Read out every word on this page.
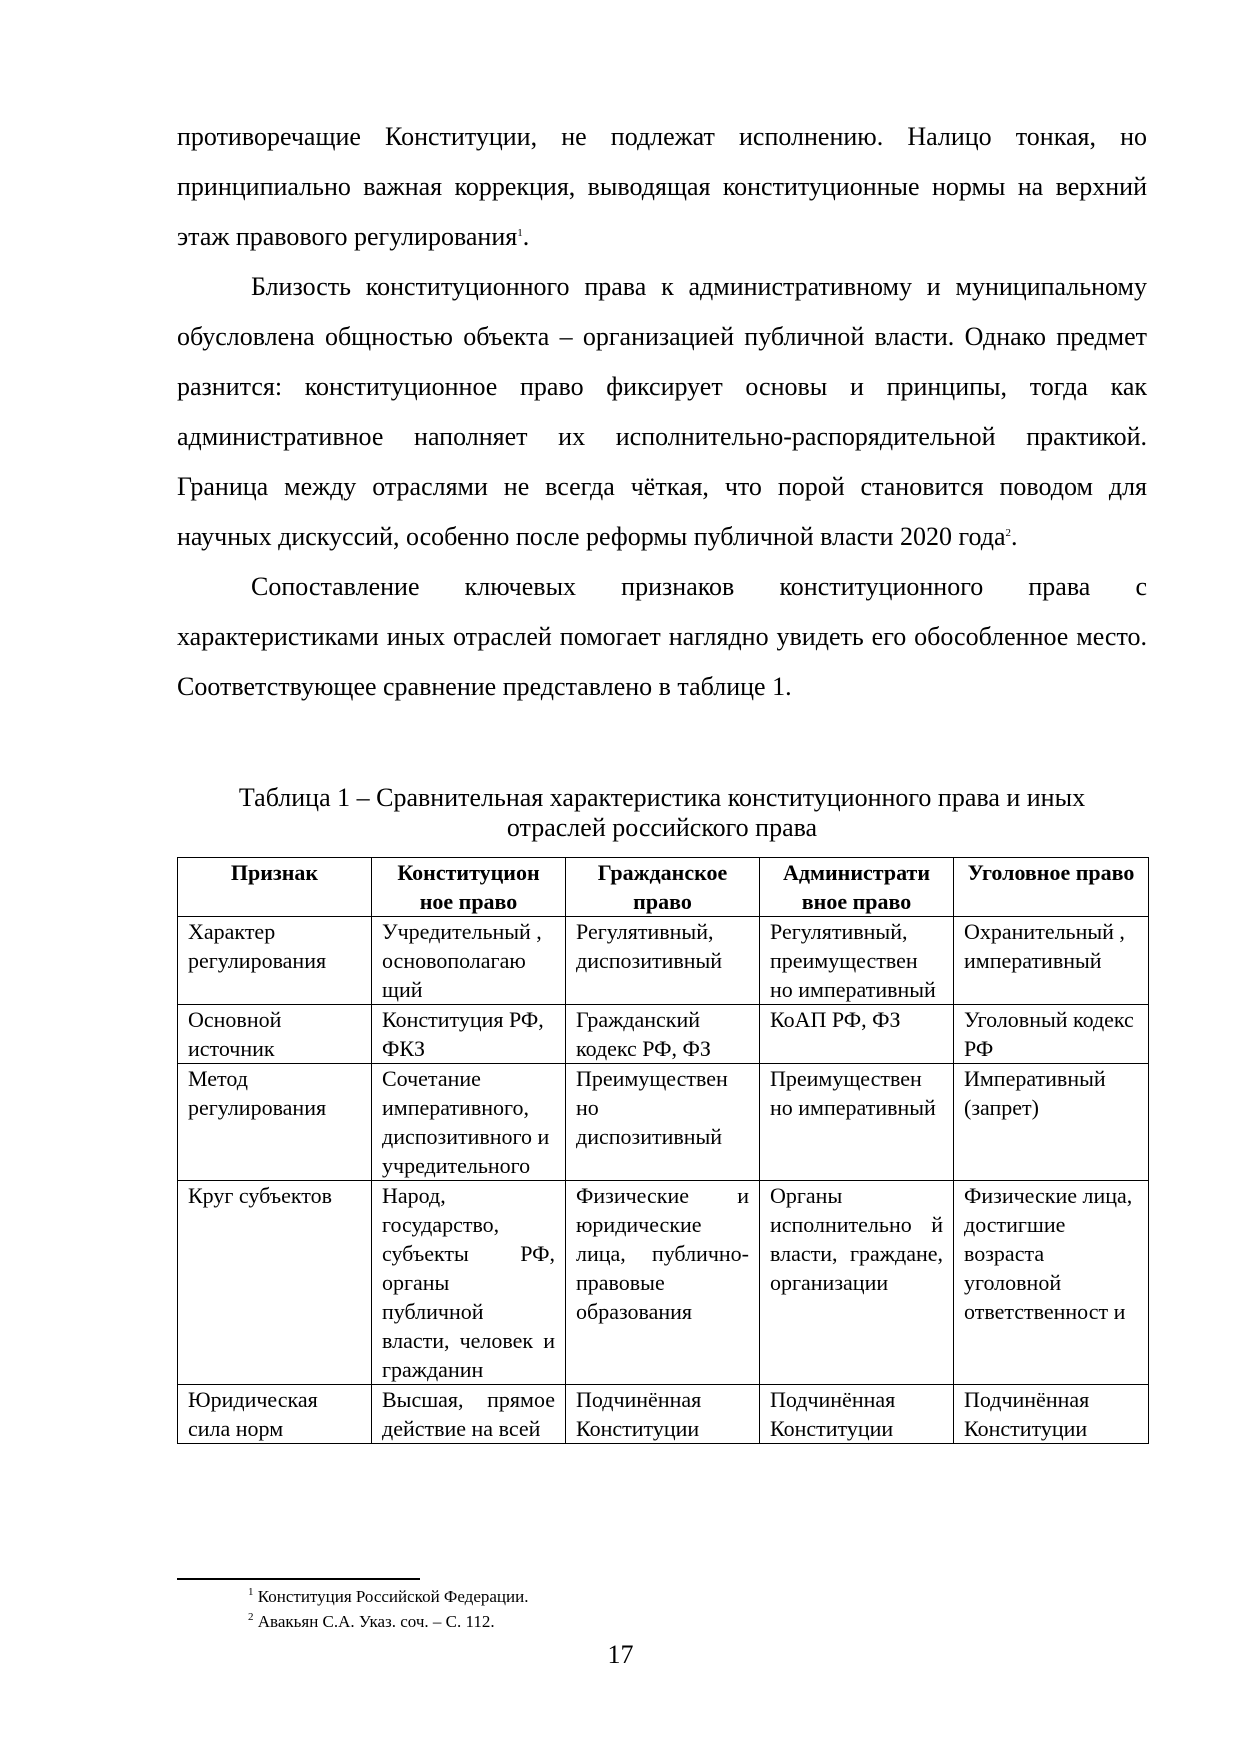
противоречащие Конституции, не подлежат исполнению. Налицо тонкая, но принципиально важная коррекция, выводящая конституционные нормы на верхний этаж правового регулирования$^1$.

Близость конституционного права к административному и муниципальному обусловлена общностью объекта – организацией публичной власти. Однако предмет разнится: конституционное право фиксирует основы и принципы, тогда как административное наполняет их исполнительно-распорядительной практикой. Граница между отраслями не всегда чёткая, что порой становится поводом для научных дискуссий, особенно после реформы публичной власти 2020 года$^2$.

Сопоставление ключевых признаков конституционного права с характеристиками иных отраслей помогает наглядно увидеть его обособленное место. Соответствующее сравнение представлено в таблице 1.

Таблица 1 – Сравнительная характеристика конституционного права и иных
отраслей российского права

Признак	Конституцион ное право	Гражданское право	Администрати вное право	Уголовное право
Характер регулирования	Учредительный , основополагаю щий	Регулятивный, диспозитивный	Регулятивный, преимуществен но императивный	Охранительный , императивный
Основной источник	Конституция РФ, ФКЗ	Гражданский кодекс РФ, ФЗ	КоАП РФ, ФЗ	Уголовный кодекс РФ
Метод регулирования	Сочетание императивного, диспозитивного и учредительного	Преимуществен но диспозитивный	Преимуществен но императивный	Императивный (запрет)
Круг субъектов	Народ, государство, субъекты РФ, органы публичной власти, человек и гражданин	Физические и юридические лица, публично-правовые образования	Органы исполнительно й власти, граждане, организации	Физические лица, достигшие возраста уголовной ответственност и
Юридическая сила норм	Высшая, прямое действие на всей	Подчинённая Конституции	Подчинённая Конституции	Подчинённая Конституции
$^1$ Конституция Российской Федерации.
$^2$ Авакьян С.А. Указ. соч. – С. 112.
17
